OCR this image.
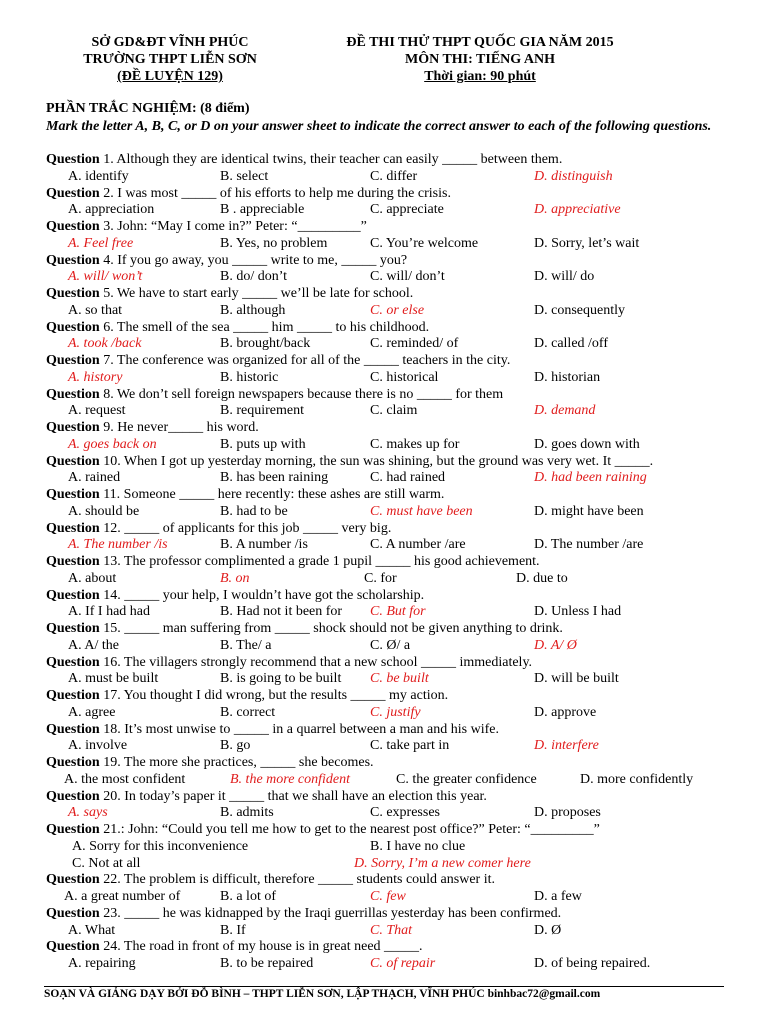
SỞ GD&ĐT VĨNH PHÚC
TRƯỜNG THPT LIỄN SƠN
(ĐỀ LUYỆN 129)
ĐỀ THI THỬ THPT QUỐC GIA NĂM 2015
MÔN THI: TIẾNG ANH
Thời gian: 90 phút
PHẦN TRẮC NGHIỆM: (8 điểm)
Mark the letter A, B, C, or D on your answer sheet to indicate the correct answer to each of the following questions.
Question 1. Although they are identical twins, their teacher can easily _____ between them.
A. identify	B. select	C. differ	D. distinguish
Question 2. I was most _____ of his efforts to help me during the crisis.
A. appreciation	B . appreciable	C. appreciate	D. appreciative
Question 3. John: “May I come in?” Peter: “_________”
A. Feel free	B. Yes, no problem	C. You’re welcome	D. Sorry, let’s wait
Question 4. If you go away, you _____ write to me, _____ you?
A. will/ won’t	B. do/ don’t	C. will/ don’t	D. will/ do
Question 5. We have to start early _____ we’ll be late for school.
A. so that	B. although	C. or else	D. consequently
Question 6. The smell of the sea _____ him _____ to his childhood.
A. took /back	B. brought/back	C. reminded/ of	D. called /off
Question 7. The conference was organized for all of the _____ teachers in the city.
A. history	B. historic	C. historical	D. historian
Question 8. We don’t sell foreign newspapers because there is no _____ for them
A. request	B. requirement	C. claim	D. demand
Question 9. He never_____ his word.
A. goes back on	B. puts up with	C. makes up for	D. goes down with
Question 10. When I got up yesterday morning, the sun was shining, but the ground was very wet. It _____.
A. rained	B. has been raining	C. had rained	D. had been raining
Question 11. Someone _____ here recently: these ashes are still warm.
A. should be	B. had to be	C. must have been	D. might have been
Question 12. _____ of applicants for this job _____ very big.
A. The number /is	B. A number /is	C. A number /are	D. The number /are
Question 13. The professor complimented a grade 1 pupil _____ his good achievement.
A. about	B. on	C. for	D. due to
Question 14. _____ your help, I wouldn’t have got the scholarship.
A. If I had had	B. Had not it been for C. But for	D. Unless I had
Question 15. _____ man suffering from _____ shock should not be given anything to drink.
A. A/ the	B. The/ a	C. Ø/ a	D. A/ Ø
Question 16. The villagers strongly recommend that a new school _____ immediately.
A. must be built	B. is going to be built C. be built	D. will be built
Question 17. You thought I did wrong, but the results _____ my action.
A. agree	B. correct	C. justify	D. approve
Question 18. It’s most unwise to _____ in a quarrel between a man and his wife.
A. involve	B. go	C. take part in	D. interfere
Question 19. The more she practices, _____ she becomes.
A. the most confident	B. the more confident	C. the greater confidence	D. more confidently
Question 20. In today’s paper it _____ that we shall have an election this year.
A. says	B. admits	C. expresses	D. proposes
Question 21.: John: “Could you tell me how to get to the nearest post office?” Peter: “_________”
A. Sorry for this inconvenience	B. I have no clue
C. Not at all	D. Sorry, I’m a new comer here
Question 22. The problem is difficult, therefore _____ students could answer it.
A. a great number of	B. a lot of	C. few	D. a few
Question 23. _____ he was kidnapped by the Iraqi guerrillas yesterday has been confirmed.
A. What	B. If	C. That	D. Ø
Question 24. The road in front of my house is in great need _____.
A. repairing	B. to be repaired	C. of repair	D. of being repaired.
SOẠN VÀ GIẢNG DẠY BỞI ĐỖ BÌNH – THPT LIỄN SƠN, LẬP THẠCH, VĨNH PHÚC binhbac72@gmail.com
